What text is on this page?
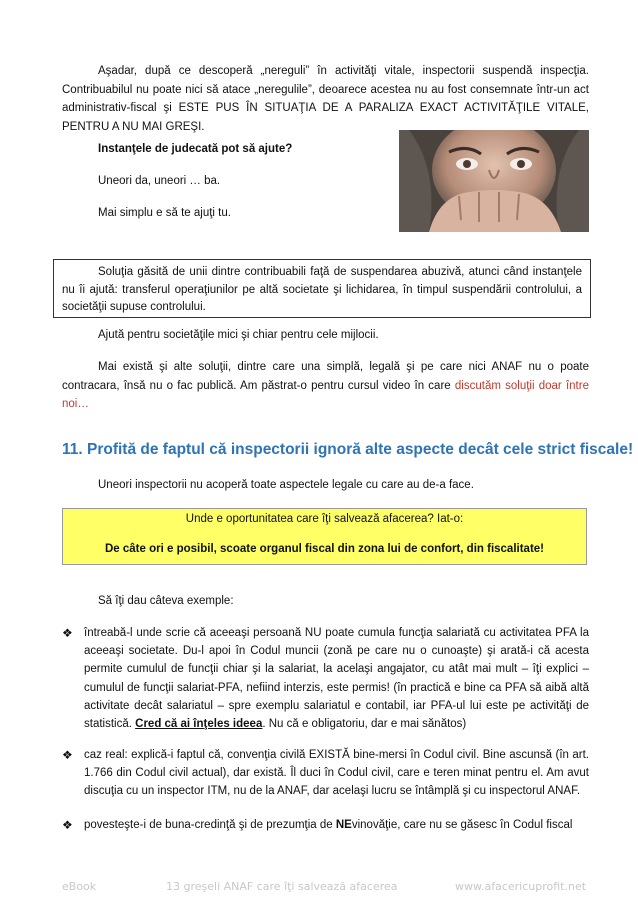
Aşadar, după ce descoperă „nereguli” în activităţi vitale, inspectorii suspendă inspecţia. Contribuabilul nu poate nici să atace „neregulile”, deoarece acestea nu au fost consemnate într-un act administrativ-fiscal şi ESTE PUS ÎN SITUAŢIA DE A PARALIZA EXACT ACTIVITĂŢILE VITALE, PENTRU A NU MAI GREŞI.

Instanţele de judecată pot să ajute?

Uneori da, uneori … ba.

Mai simplu e să te ajuţi tu.

Soluţia găsită de unii dintre contribuabili faţă de suspendarea abuzivă, atunci când instanţele nu îi ajută: transferul operaţiunilor pe altă societate şi lichidarea, în timpul suspendării controlului, a societăţii supuse controlului.

Ajută pentru societăţile mici şi chiar pentru cele mijlocii.

Mai există şi alte soluţii, dintre care una simplă, legală şi pe care nici ANAF nu o poate contracara, însă nu o fac publică. Am păstrat-o pentru cursul video în care discutăm soluţii doar între noi…

11. Profită de faptul că inspectorii ignoră alte aspecte decât cele strict fiscale!

Uneori inspectorii nu acoperă toate aspectele legale cu care au de-a face.

Unde e oportunitatea care îţi salvează afacerea? Iat-o:
De câte ori e posibil, scoate organul fiscal din zona lui de confort, din fiscalitate!

Să îţi dau câteva exemple:

❖ întreabă-l unde scrie că aceeaşi persoană NU poate cumula funcţia salariată cu activitatea PFA la aceeaşi societate. Du-l apoi în Codul muncii (zonă pe care nu o cunoaşte) şi arată-i că acesta permite cumulul de funcţii chiar şi la salariat, la acelaşi angajator, cu atât mai mult – îţi explici – cumulul de funcţii salariat-PFA, nefiind interzis, este permis! (în practică e bine ca PFA să aibă altă activitate decât salariatul – spre exemplu salariatul e contabil, iar PFA-ul lui este pe activităţi de statistică. Cred că ai înţeles ideea. Nu că e obligatoriu, dar e mai sănătos)
❖ caz real: explică-i faptul că, convenţia civilă EXISTĂ bine-mersi în Codul civil. Bine ascunsă (în art. 1.766 din Codul civil actual), dar există. Îl duci în Codul civil, care e teren minat pentru el. Am avut discuţia cu un inspector ITM, nu de la ANAF, dar acelaşi lucru se întâmplă şi cu inspectorul ANAF.
❖ povesteşte-i de buna-credinţă şi de prezumţia de NEvinovăţie, care nu se găsesc în Codul fiscal
eBook	13 greşeli ANAF care îţi salvează afacerea	www.afacericuprofit.net
